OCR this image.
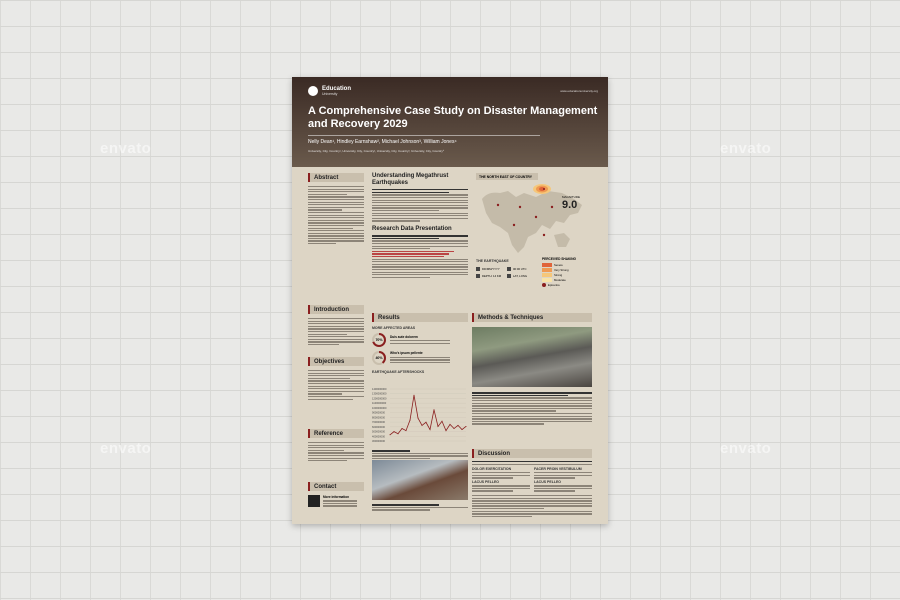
envato	envato
envato	envato
Education
University
www.educationuniversity.org
A Comprehensive Case Study on Disaster Management and Recovery 2029
Nelly Dean¹, Hindley Earnshaw², Michael Johnson³, William Jones⁴
University, City, Country¹, University, City, Country², University, City, Country³, University, City, Country⁴
Abstract
Introduction
Objectives
Reference
Contact
More information
Understanding Megathrust Earthquakes
Research Data Presentation
Results
MORE AFFECTED AREAS
70%
Duis aute dolorem
40%
Who's ipsum pellente
EARTHQUAKE AFTERSHOCKS
1400000000
1300000000
1200000000
1100000000
1000000000
900000000
800000000
700000000
600000000
500000000
400000000
300000000
THE NORTH EAST OF COUNTRY
MAGNITUDE
9.0
PERCEIVED SHAKING
Severe
Very Strong
Strong
Moderate
Epicentre
THE EARTHQUAKE
DD/MM/YYYY	00:00 UTC
DEPTH: 14 KM	LAT, LONG
Methods & Techniques
Discussion
DOLOR EXERCITATION	FACER PROIN VESTIBULUM
LACUS PELLEO	LACUS PELLEO
